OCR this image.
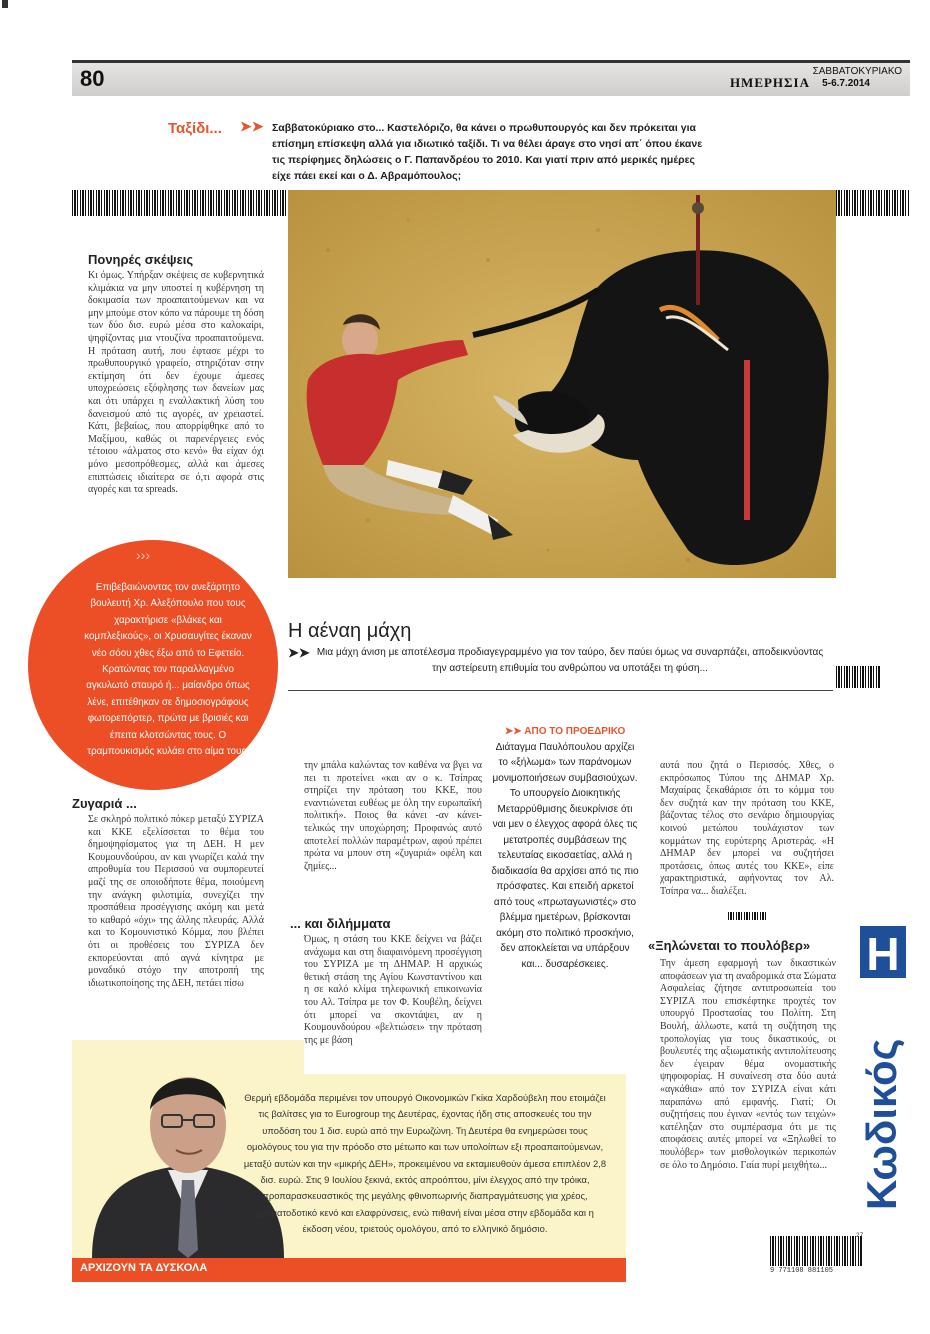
80	ΗΜΕΡΗΣΙΑ
ΣΑΒΒΑΤΟΚΥΡΙΑΚΟ
5-6.7.2014
Ταξίδι... ➤➤ Σαββατοκύριακο στο... Καστελόριζο, θα κάνει ο πρωθυπουργός και δεν πρόκειται για επίσημη επίσκεψη αλλά για ιδιωτικό ταξίδι. Τι να θέλει άραγε στο νησί απ΄ όπου έκανε τις περίφημες δηλώσεις ο Γ. Παπανδρέου το 2010. Και γιατί πριν από μερικές ημέρες είχε πάει εκεί και ο Δ. Αβραμόπουλος;
Πονηρές σκέψεις
Κι όμως. Υπήρξαν σκέψεις σε κυβερνητικά κλιμάκια να μην υποστεί η κυβέρνηση τη δοκιμασία των προαπαιτούμενων και να μην μπούμε στον κόπο να πάρουμε τη δόση των δύο δισ. ευρώ μέσα στο καλοκαίρι, ψηφίζοντας μια ντουζίνα προαπαιτούμενα. Η πρόταση αυτή, που έφτασε μέχρι το πρωθυπουργικό γραφείο, στηριζόταν στην εκτίμηση ότι δεν έχουμε άμεσες υποχρεώσεις εξόφλησης των δανείων μας και ότι υπάρχει η εναλλακτική λύση του δανεισμού από τις αγορές, αν χρειαστεί. Κάτι, βεβαίως, που απορρίφθηκε από το Μαξίμου, καθώς οι παρενέργειες ενός τέτοιου «άλματος στο κενό» θα είχαν όχι μόνο μεσοπρόθεσμες, αλλά και άμεσες επιπτώσεις ιδιαίτερα σε ό,τι αφορά στις αγορές και τα spreads.
›››
Επιβεβαιώνοντας τον ανεξάρτητο βουλευτή Χρ. Αλεξόπουλο που τους χαρακτήρισε «βλάκες και κομπλεξικούς», οι Χρυσαυγίτες έκαναν νέο σόου χθες έξω από το Εφετείο. Κρατώντας τον παραλλαγμένο αγκυλωτό σταυρό ή... μαίανδρο όπως λένε, επιτέθηκαν σε δημοσιογράφους φωτορεπόρτερ, πρώτα με βρισιές και έπειτα κλοτσώντας τους. Ο τραμπουκισμός κυλάει στο αίμα τους.
Ζυγαριά ...
Σε σκληρό πολιτικό πόκερ μεταξύ ΣΥΡΙΖΑ και ΚΚΕ εξελίσσεται το θέμα του δημοψηφίσματος για τη ΔΕΗ. Η μεν Κουμουνδούρου, αν και γνωρίζει καλά την απροθυμία του Περισσού να συμπορευτεί μαζί της σε οποιοδήποτε θέμα, ποιούμενη την ανάγκη φιλοτιμία, συνεχίζει την προσπάθεια προσέγγισης ακόμη και μετά το καθαρό «όχι» της άλλης πλευράς. Αλλά και το Κομουνιστικό Κόμμα, που βλέπει ότι οι προθέσεις του ΣΥΡΙΖΑ δεν εκπορεύονται από αγνά κίνητρα με μοναδικό στόχο την αποτροπή της ιδιωτικοποίησης της ΔΕΗ, πετάει πίσω
Η αέναη μάχη
➤➤ Μια μάχη άνιση με αποτέλεσμα προδιαγεγραμμένο για τον ταύρο, δεν παύει όμως να συναρπάζει, αποδεικνύοντας την αστείρευτη επιθυμία του ανθρώπου να υποτάξει τη φύση...
την μπάλα καλώντας τον καθένα να βγει να πει τι προτείνει «και αν ο κ. Τσίπρας στηρίζει την πρόταση του ΚΚΕ, που εναντιώνεται ευθέως με όλη την ευρωπαϊκή πολιτική». Ποιος θα κάνει -αν κάνει- τελικώς την υποχώρηση; Προφανώς αυτό αποτελεί πολλών παραμέτρων, αφού πρέπει πρώτα να μπουν στη «ζυγαριά» οφέλη και ζημίες...
... και διλήμματα
Όμως, η στάση του ΚΚΕ δείχνει να βάζει ανάχωμα και στη διαφαινόμενη προσέγγιση του ΣΥΡΙΖΑ με τη ΔΗΜΑΡ. Η αρχικώς θετική στάση της Αγίου Κωνσταντίνου και η σε καλό κλίμα τηλεφωνική επικοινωνία του Αλ. Τσίπρα με τον Φ. Κουβέλη, δείχνει ότι μπορεί να σκοντάψει, αν η Κουμουνδούρου «βελτιώσει» την πρόταση της με βάση
➤➤ ΑΠΟ ΤΟ ΠΡΟΕΔΡΙΚΟ Διάταγμα Παυλόπουλου αρχίζει το «ξήλωμα» των παράνομων μονιμοποιήσεων συμβασιούχων. Το υπουργείο Διοικητικής Μεταρρύθμισης διευκρίνισε ότι ναι μεν ο έλεγχος αφορά όλες τις μετατροπές συμβάσεων της τελευταίας εικοσαετίας, αλλά η διαδικασία θα αρχίσει από τις πιο πρόσφατες. Και επειδή αρκετοί από τους «πρωταγωνιστές» στο βλέμμα ημετέρων, βρίσκονται ακόμη στο πολιτικό προσκήνιο, δεν αποκλείεται να υπάρξουν και... δυσαρέσκειες.
αυτά που ζητά ο Περισσός. Χθες, ο εκπρόσωπος Τύπου της ΔΗΜΑΡ Χρ. Μαχαίρας ξεκαθάρισε ότι το κόμμα του δεν συζητά καν την πρόταση του ΚΚΕ, βάζοντας τέλος στο σενάριο δημιουργίας κοινού μετώπου τουλάχιστον των κομμάτων της ευρύτερης Αριστεράς. «Η ΔΗΜΑΡ δεν μπορεί να συζητήσει προτάσεις, όπως αυτές του ΚΚΕ», είπε χαρακτηριστικά, αφήνοντας τον Αλ. Τσίπρα να... διαλέξει.
«Ξηλώνεται το πουλόβερ»
Την άμεση εφαρμογή των δικαστικών αποφάσεων για τη αναδρομικά στα Σώματα Ασφαλείας ζήτησε αντιπροσωπεία του ΣΥΡΙΖΑ που επισκέφτηκε προχτές τον υπουργό Προστασίας του Πολίτη. Στη Βουλή, άλλωστε, κατά τη συζήτηση της τροπολογίας για τους δικαστικούς, οι βουλευτές της αξιωματικής αντιπολίτευσης δεν έγειραν θέμα ονομαστικής ψηφοφορίας. Η συναίνεση στα δύο αυτά «αγκάθια» από τον ΣΥΡΙΖΑ είναι κάτι παραπάνω από εμφανής. Γιατί; Οι συζητήσεις που έγιναν «εντός των τειχών» κατέληξαν στο συμπέρασμα ότι με τις αποφάσεις αυτές μπορεί να «Ξηλωθεί το πουλόβερ» των μισθολογικών περικοπών σε όλο το Δημόσιο. Γαία πυρί μειχθήτω...
Η
Κωδικός
9 771108 881105
27
Θερμή εβδομάδα περιμένει τον υπουργό Οικονομικών Γκίκα Χαρδούβελη που ετοιμάζει τις βαλίτσες για το Eurogroup της Δευτέρας, έχοντας ήδη στις αποσκευές του την υποδόση του 1 δισ. ευρώ από την Ευρωζώνη. Τη Δευτέρα θα ενημερώσει τους ομολόγους του για την πρόοδο στο μέτωπο και των υπολοίπων εξι προαπαιτούμενων, μεταξύ αυτών και την «μικρής ΔΕΗ», προκειμένου να εκταμιευθούν άμεσα επιπλέον 2,8 δισ. ευρώ. Στις 9 Ιουλίου ξεκινά, εκτός απροόπτου, μίνι έλεγχος από την τρόικα, προπαρασκευαστικός της μεγάλης φθινοπωρινής διαπραγμάτευσης για χρέος, χρηματοδοτικό κενό και ελαφρύνσεις, ενώ πιθανή είναι μέσα στην εβδομάδα και η έκδοση νέου, τριετούς ομολόγου, από το ελληνικό δημόσιο.
ΑΡΧΙΖΟΥΝ ΤΑ ΔΥΣΚΟΛΑ
